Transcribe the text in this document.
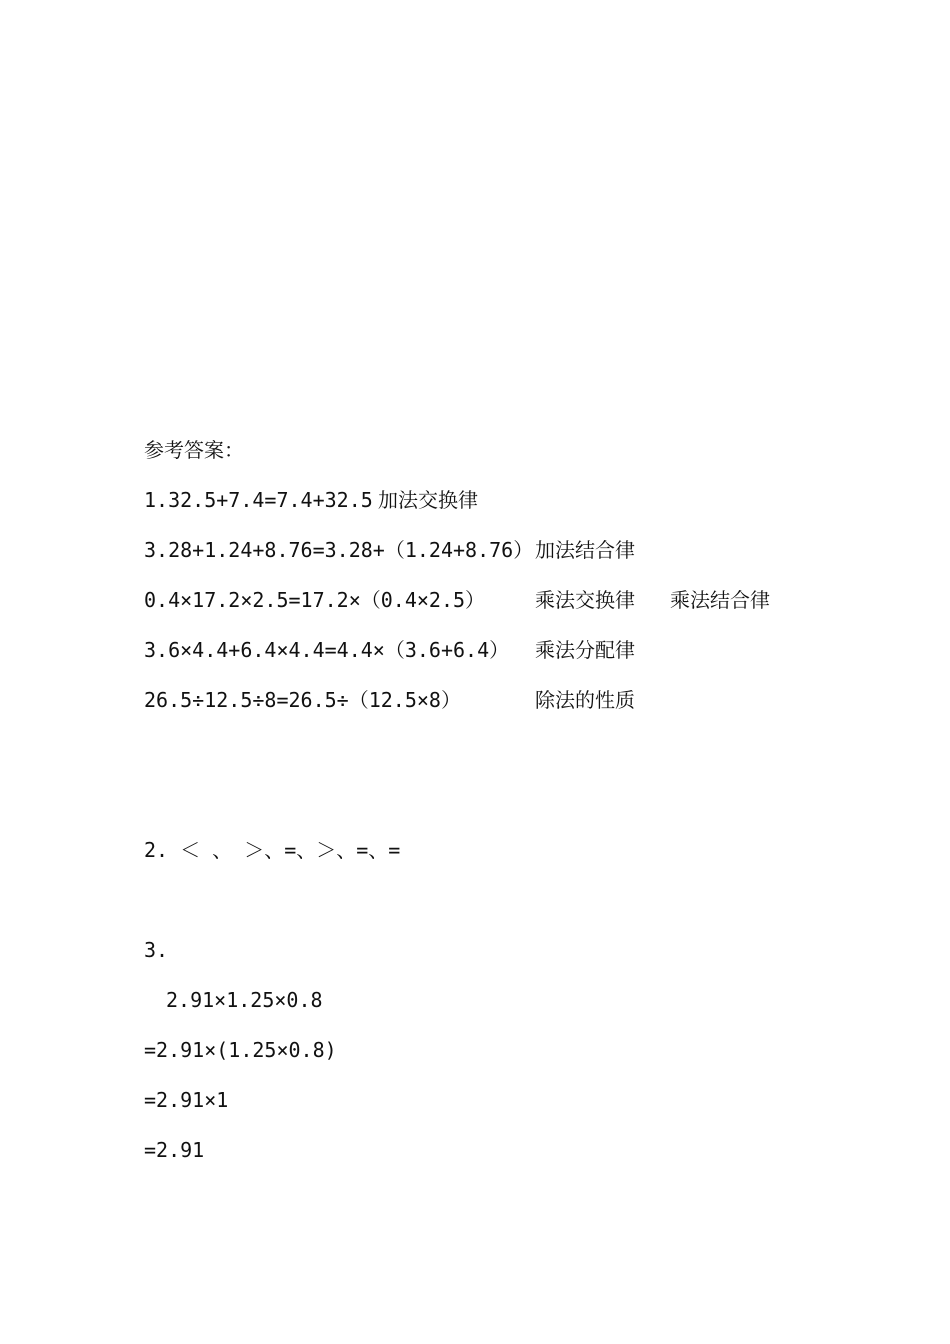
参考答案：
1.32.5+7.4=7.4+32.5 加法交换律
3.28+1.24+8.76=3.28+（1.24+8.76） 加法结合律
0.4×17.2×2.5=17.2×（0.4×2.5） 乘法交换律 乘法结合律
3.6×4.4+6.4×4.4=4.4×（3.6+6.4） 乘法分配律
26.5÷12.5÷8=26.5÷（12.5×8）	除法的性质
2. ＜ 、 ＞、=、＞、=、=
3.
2.91×1.25×0.8
=2.91×(1.25×0.8)
=2.91×1
=2.91
